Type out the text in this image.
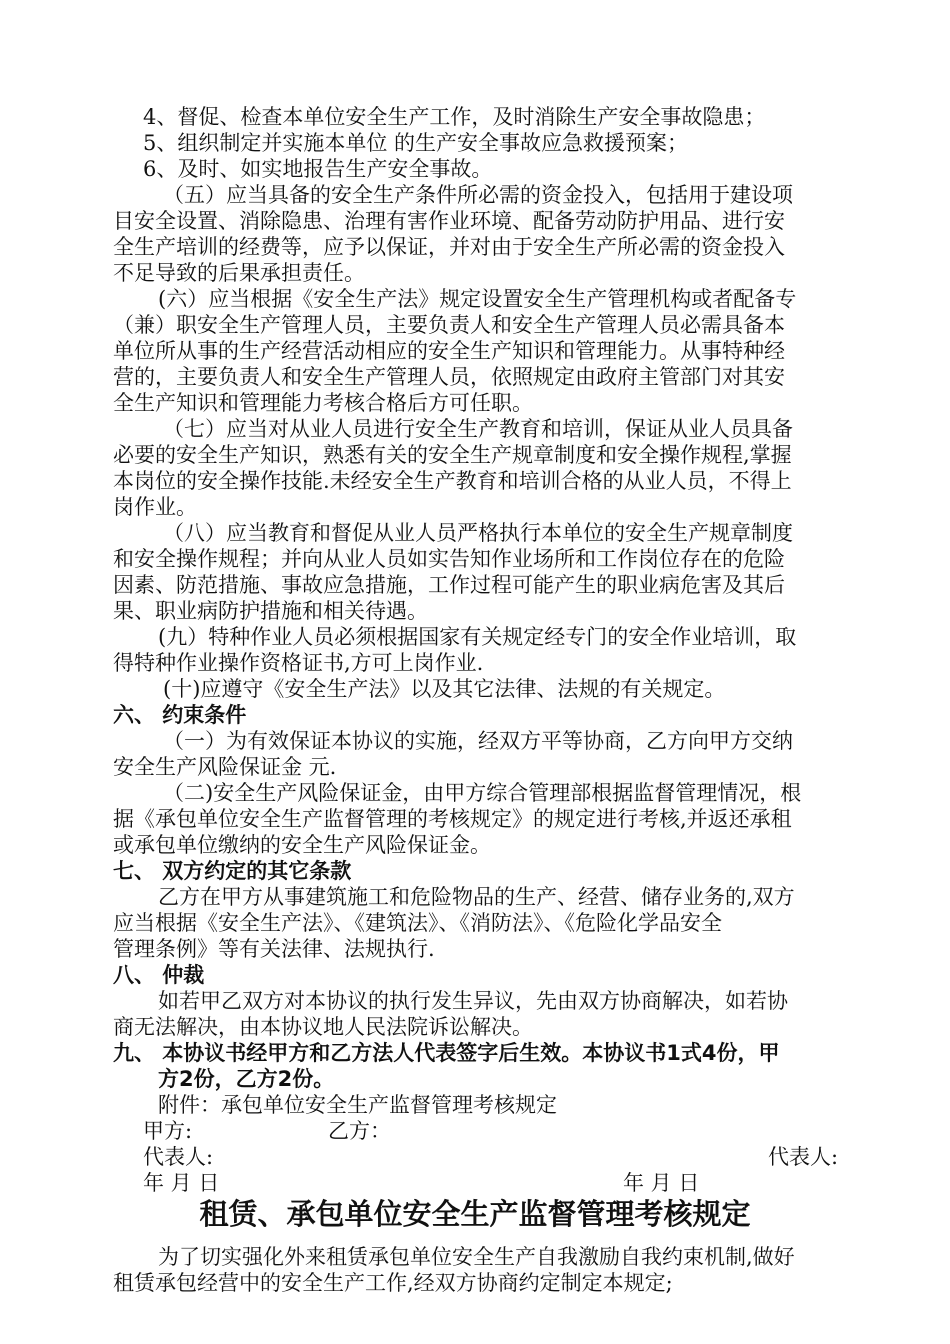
4、督促、检查本单位安全生产工作，及时消除生产安全事故隐患；
5、组织制定并实施本单位 的生产安全事故应急救援预案；
6、及时、如实地报告生产安全事故。
（五）应当具备的安全生产条件所必需的资金投入，包括用于建设项
目安全设置、消除隐患、治理有害作业环境、配备劳动防护用品、进行安
全生产培训的经费等，应予以保证，并对由于安全生产所必需的资金投入
不足导致的后果承担责任。
(六）应当根据《安全生产法》规定设置安全生产管理机构或者配备专
（兼）职安全生产管理人员，主要负责人和安全生产管理人员必需具备本
单位所从事的生产经营活动相应的安全生产知识和管理能力。从事特种经
营的，主要负责人和安全生产管理人员，依照规定由政府主管部门对其安
全生产知识和管理能力考核合格后方可任职。
（七）应当对从业人员进行安全生产教育和培训，保证从业人员具备
必要的安全生产知识，熟悉有关的安全生产规章制度和安全操作规程,掌握
本岗位的安全操作技能.未经安全生产教育和培训合格的从业人员，不得上
岗作业。
（八）应当教育和督促从业人员严格执行本单位的安全生产规章制度
和安全操作规程；并向从业人员如实告知作业场所和工作岗位存在的危险
因素、防范措施、事故应急措施，工作过程可能产生的职业病危害及其后
果、职业病防护措施和相关待遇。
(九）特种作业人员必须根据国家有关规定经专门的安全作业培训，取
得特种作业操作资格证书,方可上岗作业.
(十)应遵守《安全生产法》以及其它法律、法规的有关规定。
六、 约束条件
（一）为有效保证本协议的实施，经双方平等协商，乙方向甲方交纳
安全生产风险保证金 元.
（二)安全生产风险保证金，由甲方综合管理部根据监督管理情况，根
据《承包单位安全生产监督管理的考核规定》的规定进行考核,并返还承租
或承包单位缴纳的安全生产风险保证金。
七、 双方约定的其它条款
乙方在甲方从事建筑施工和危险物品的生产、经营、储存业务的,双方
应当根据《安全生产法》、《建筑法》、《消防法》、《危险化学品安全
管理条例》等有关法律、法规执行.
八、 仲裁
如若甲乙双方对本协议的执行发生异议，先由双方协商解决，如若协
商无法解决，由本协议地人民法院诉讼解决。
九、 本协议书经甲方和乙方法人代表签字后生效。本协议书1式4份，甲
方2份，乙方2份。
附件：承包单位安全生产监督管理考核规定
甲方:	乙方：
代表人:	代表人:
年 月 日	年 月 日
租赁、承包单位安全生产监督管理考核规定
为了切实强化外来租赁承包单位安全生产自我激励自我约束机制,做好
租赁承包经营中的安全生产工作,经双方协商约定制定本规定;
